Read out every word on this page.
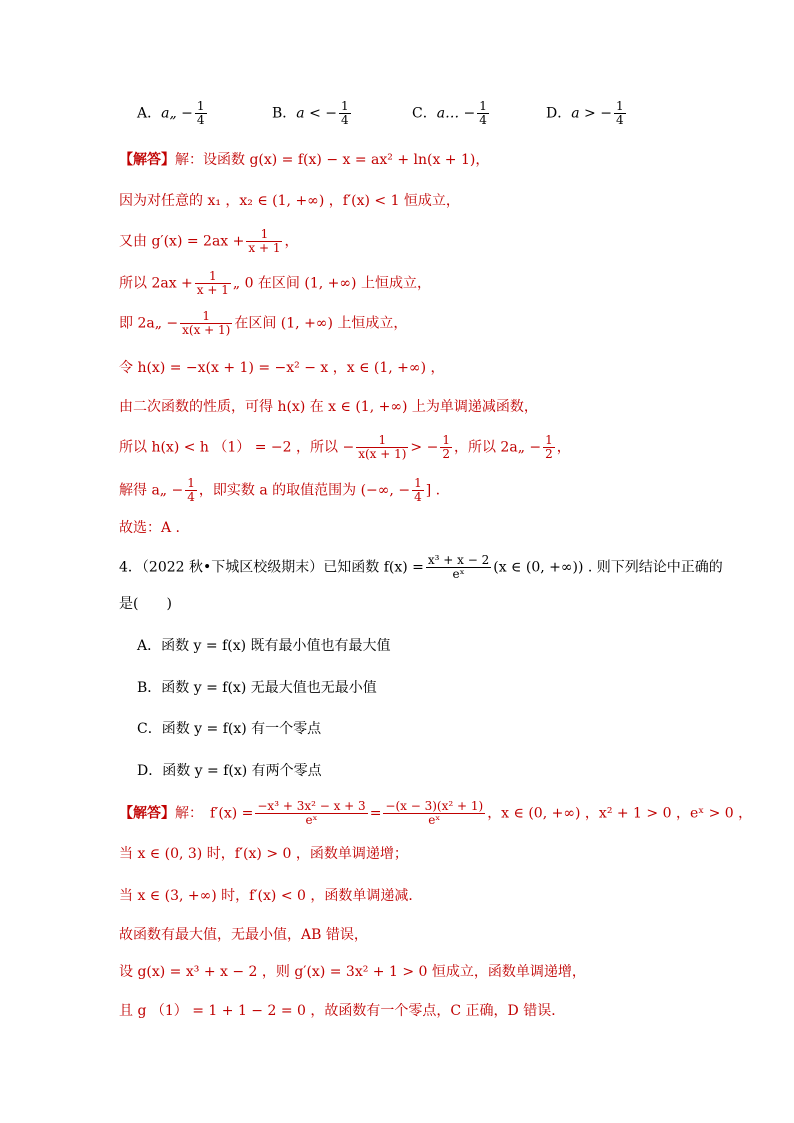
A．a„ − $\frac{1}{4}$	B．a < − $\frac{1}{4}$	C．a… − $\frac{1}{4}$	D．a > − $\frac{1}{4}$
【解答】解：设函数 g(x) = f(x) − x = ax² + ln(x + 1)，
因为对任意的 x₁ ，x₂ ∈ (1, +∞) ，f′(x) < 1 恒成立，
又由 $g'(x) = 2ax + \frac{1}{x + 1}$ ，
所以 $2ax + \frac{1}{x + 1}$ „ 0 在区间 (1, +∞) 上恒成立，
即 2a„ − $\frac{1}{x(x + 1)}$ 在区间 (1, +∞) 上恒成立，
令 h(x) = −x(x + 1) = −x² − x ，x ∈ (1, +∞) ，
由二次函数的性质，可得 h(x) 在 x ∈ (1, +∞) 上为单调递减函数，
所以 h(x) < h （1） = −2 ，所以 − $\frac{1}{x(x + 1)}$ > − $\frac{1}{2}$ ，所以 2a„ − $\frac{1}{2}$ ，
解得 a„ − $\frac{1}{4}$ ，即实数 a 的取值范围为 (−∞, − $\frac{1}{4}$ ] .
故选：A .
4．（2022 秋•下城区校级期末）已知函数 $f(x) = \frac{\text{x³ + x − 2}}{\text{eˣ}} (x$ ∈ (0, +∞)) . 则下列结论中正确的
是(　　)
A．函数 y = f(x) 既有最小值也有最大值
B．函数 y = f(x) 无最大值也无最小值
C．函数 y = f(x) 有一个零点
D．函数 y = f(x) 有两个零点
【解答】解：　$f'(x) = \frac{\text{−x³ + 3x² − x + 3}}{\text{eˣ}} = \frac{\text{−(x − 3)(x² + 1)}}{\text{eˣ}}$ ，x ∈ (0, +∞) ，x² + 1 > 0 ，eˣ > 0 ，
当 x ∈ (0, 3) 时，f′(x) > 0 ，函数单调递增；
当 x ∈ (3, +∞) 时，f′(x) < 0 ，函数单调递减．
故函数有最大值，无最小值，AB 错误，
设 g(x) = x³ + x − 2 ，则 g′(x) = 3x² + 1 > 0 恒成立，函数单调递增，
且 g （1） = 1 + 1 − 2 = 0 ，故函数有一个零点，C 正确，D 错误．
